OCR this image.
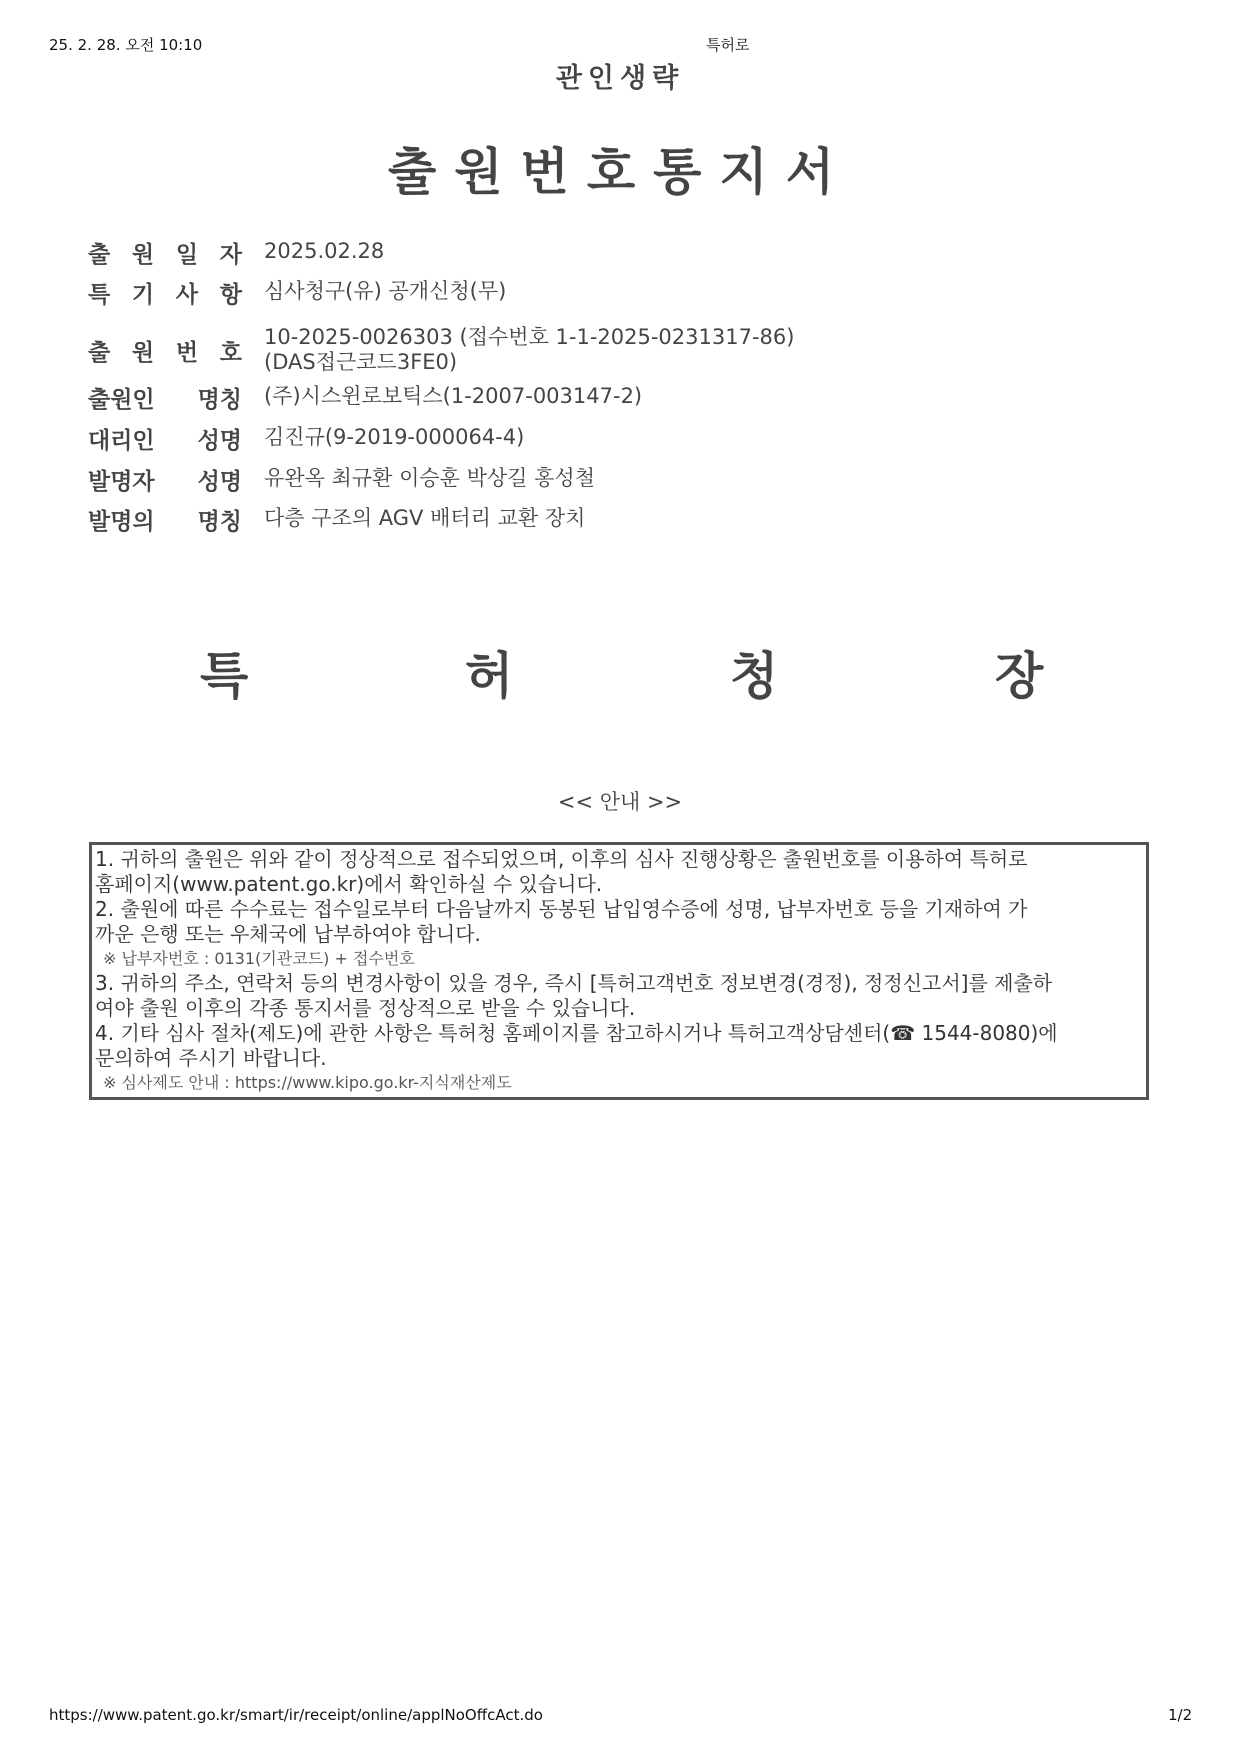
25. 2. 28. 오전 10:10	특허로
관인생략
출원번호통지서
출 원 일 자 2025.02.28
특 기 사 항 심사청구(유) 공개신청(무)
출 원 번 호
10-2025-0026303 (접수번호 1-1-2025-0231317-86)
(DAS접근코드3FE0)
출원인 명칭 (주)시스윈로보틱스(1-2007-003147-2)
대리인 성명 김진규(9-2019-000064-4)
발명자 성명 유완옥 최규환 이승훈 박상길 홍성철
발명의 명칭 다층 구조의 AGV 배터리 교환 장치
특	허	청	장
<< 안내 >>
1. 귀하의 출원은 위와 같이 정상적으로 접수되었으며, 이후의 심사 진행상황은 출원번호를 이용하여 특허로
홈페이지(www.patent.go.kr)에서 확인하실 수 있습니다.
2. 출원에 따른 수수료는 접수일로부터 다음날까지 동봉된 납입영수증에 성명, 납부자번호 등을 기재하여 가
까운 은행 또는 우체국에 납부하여야 합니다.
※ 납부자번호 : 0131(기관코드) + 접수번호
3. 귀하의 주소, 연락처 등의 변경사항이 있을 경우, 즉시 [특허고객번호 정보변경(경정), 정정신고서]를 제출하
여야 출원 이후의 각종 통지서를 정상적으로 받을 수 있습니다.
4. 기타 심사 절차(제도)에 관한 사항은 특허청 홈페이지를 참고하시거나 특허고객상담센터(☎ 1544-8080)에
문의하여 주시기 바랍니다.
※ 심사제도 안내 : https://www.kipo.go.kr-지식재산제도
https://www.patent.go.kr/smart/ir/receipt/online/applNoOffcAct.do	1/2
